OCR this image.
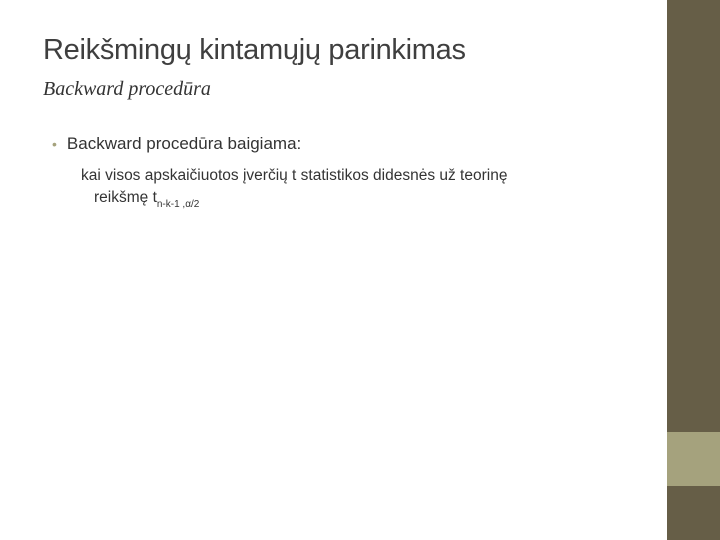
Reikšmingų kintamųjų parinkimas
Backward procedūra
• Backward procedūra baigiama:
kai visos apskaičiuotos įverčių t statistikos didesnės už teorinę
reikšmę $t_{n-k-1 ,\alpha/2}$
